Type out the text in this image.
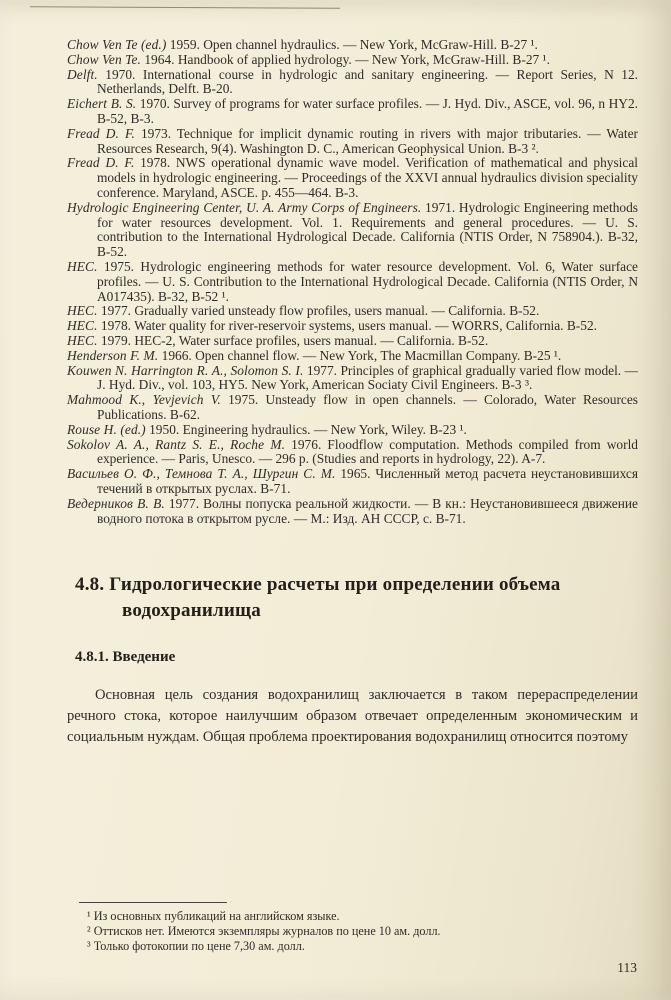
Chow Ven Te (ed.) 1959. Open channel hydraulics. — New York, McGraw-Hill. B-27 ¹.

Chow Ven Te. 1964. Handbook of applied hydrology. — New York, McGraw-Hill. B-27 ¹.

Delft. 1970. International course in hydrologic and sanitary engineering. — Report Series, N 12. Netherlands, Delft. B-20.

Eichert B. S. 1970. Survey of programs for water surface profiles. — J. Hyd. Div., ASCE, vol. 96, n HY2. B-52, B-3.

Fread D. F. 1973. Technique for implicit dynamic routing in rivers with major tributaries. — Water Resources Research, 9(4). Washington D. C., American Geophysical Union. B-3 ².

Fread D. F. 1978. NWS operational dynamic wave model. Verification of mathematical and physical models in hydrologic engineering. — Proceedings of the XXVI annual hydraulics division speciality conference. Maryland, ASCE. p. 455—464. B-3.

Hydrologic Engineering Center, U. A. Army Corps of Engineers. 1971. Hydrologic Engineering methods for water resources development. Vol. 1. Requirements and general procedures. — U. S. contribution to the International Hydrological Decade. California (NTIS Order, N 758904.). B-32, B-52.

HEC. 1975. Hydrologic engineering methods for water resource development. Vol. 6, Water surface profiles. — U. S. Contribution to the International Hydrological Decade. California (NTIS Order, N A017435). B-32, B-52 ¹.

HEC. 1977. Gradually varied unsteady flow profiles, users manual. — California. B-52.

HEC. 1978. Water quality for river-reservoir systems, users manual. — WORRS, California. B-52.

HEC. 1979. HEC-2, Water surface profiles, users manual. — California. B-52.

Henderson F. M. 1966. Open channel flow. — New York, The Macmillan Company. B-25 ¹.

Kouwen N. Harrington R. A., Solomon S. I. 1977. Principles of graphical gradually varied flow model. — J. Hyd. Div., vol. 103, HY5. New York, American Sociaty Civil Engineers. B-3 ³.

Mahmood K., Yevjevich V. 1975. Unsteady flow in open channels. — Colorado, Water Resources Publications. B-62.

Rouse H. (ed.) 1950. Engineering hydraulics. — New York, Wiley. B-23 ¹.

Sokolov A. A., Rantz S. E., Roche M. 1976. Floodflow computation. Methods compiled from world experience. — Paris, Unesco. — 296 p. (Studies and reports in hydrology, 22). A-7.

Васильев О. Ф., Темнова Т. А., Шургин С. М. 1965. Численный метод расчета неустановившихся течений в открытых руслах. В-71.

Ведерников В. В. 1977. Волны попуска реальной жидкости. — В кн.: Неустановившееся движение водного потока в открытом русле. — М.: Изд. АН СССР, с. В-71.

4.8. Гидрологические расчеты при определении объема водохранилища
4.8.1. Введение

Основная цель создания водохранилищ заключается в таком перераспределении речного стока, которое наилучшим образом отвечает определенным экономическим и социальным нуждам. Общая проблема проектирования водохранилищ относится поэтому

¹ Из основных публикаций на английском языке.

² Оттисков нет. Имеются экземпляры журналов по цене 10 ам. долл.

³ Только фотокопии по цене 7,30 ам. долл.

113
